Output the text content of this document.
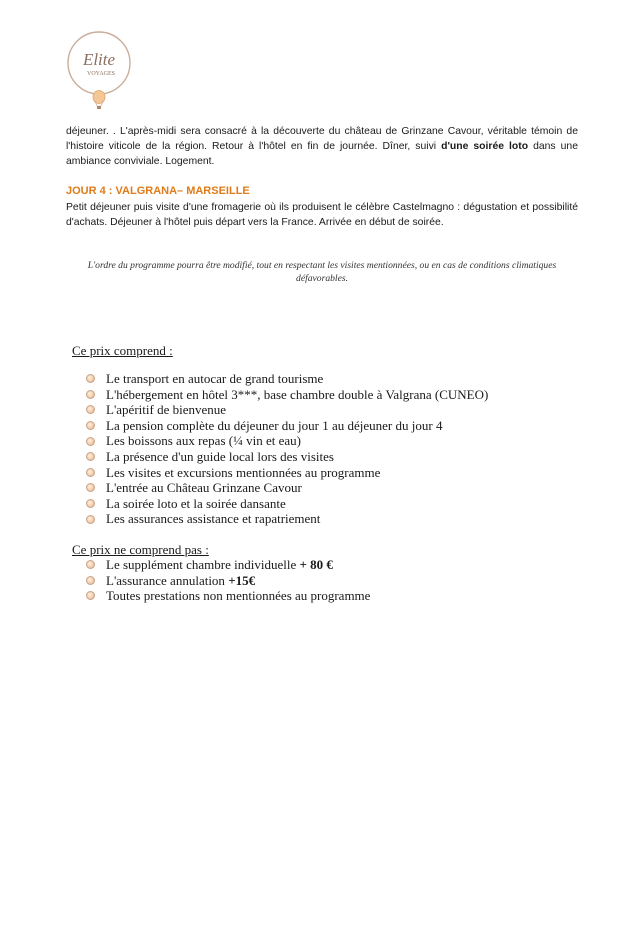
Elite
VOYAGES
déjeuner. . L'après-midi sera consacré à la découverte du château de Grinzane Cavour, véritable témoin de l'histoire viticole de la région. Retour à l'hôtel en fin de journée. Dîner, suivi d'une soirée loto dans une ambiance conviviale. Logement.
JOUR 4 : VALGRANA– MARSEILLE
Petit déjeuner puis visite d'une fromagerie où ils produisent le célèbre Castelmagno : dégustation et possibilité d'achats. Déjeuner à l'hôtel puis départ vers la France. Arrivée en début de soirée.
L'ordre du programme pourra être modifié, tout en respectant les visites mentionnées, ou en cas de conditions climatiques défavorables.
Ce prix comprend :
Le transport en autocar de grand tourisme
L'hébergement en hôtel 3***, base chambre double à Valgrana (CUNEO)
L'apéritif de bienvenue
La pension complète du déjeuner du jour 1 au déjeuner du jour 4
Les boissons aux repas (¼ vin et eau)
La présence d'un guide local lors des visites
Les visites et excursions mentionnées au programme
L'entrée au Château Grinzane Cavour
La soirée loto et la soirée dansante
Les assurances assistance et rapatriement
Ce prix ne comprend pas :
Le supplément chambre individuelle + 80 €
L'assurance annulation +15€
Toutes prestations non mentionnées au programme
